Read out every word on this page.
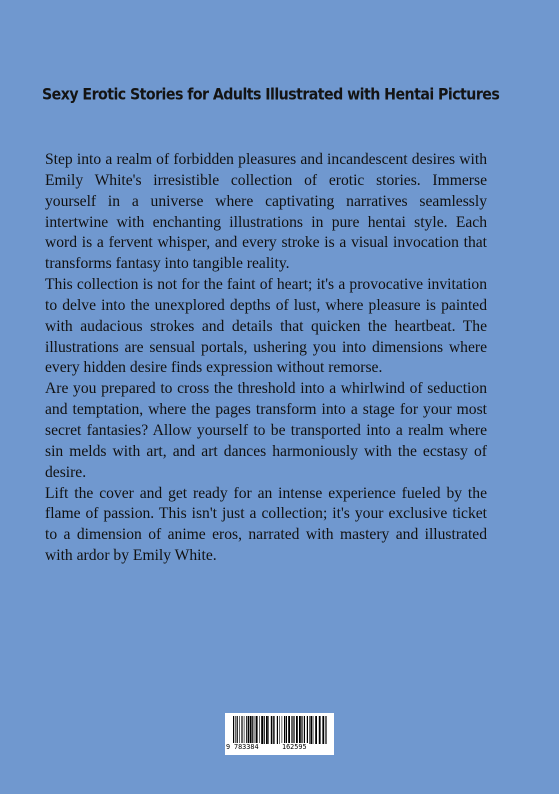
Sexy Erotic Stories for Adults Illustrated with Hentai Pictures

Step into a realm of forbidden pleasures and incandescent desires with Emily White's irresistible collection of erotic stories. Immerse yourself in a universe where captivating narratives seamlessly intertwine with enchanting illustrations in pure hentai style. Each word is a fervent whisper, and every stroke is a visual invocation that transforms fantasy into tangible reality.

This collection is not for the faint of heart; it's a provocative invitation to delve into the unexplored depths of lust, where pleasure is painted with audacious strokes and details that quicken the heartbeat. The illustrations are sensual portals, ushering you into dimensions where every hidden desire finds expression without remorse.

Are you prepared to cross the threshold into a whirlwind of seduction and temptation, where the pages transform into a stage for your most secret fantasies? Allow yourself to be transported into a realm where sin melds with art, and art dances harmoniously with the ecstasy of desire.

Lift the cover and get ready for an intense experience fueled by the flame of passion. This isn't just a collection; it's your exclusive ticket to a dimension of anime eros, narrated with mastery and illustrated with ardor by Emily White.

9 783384	162595
